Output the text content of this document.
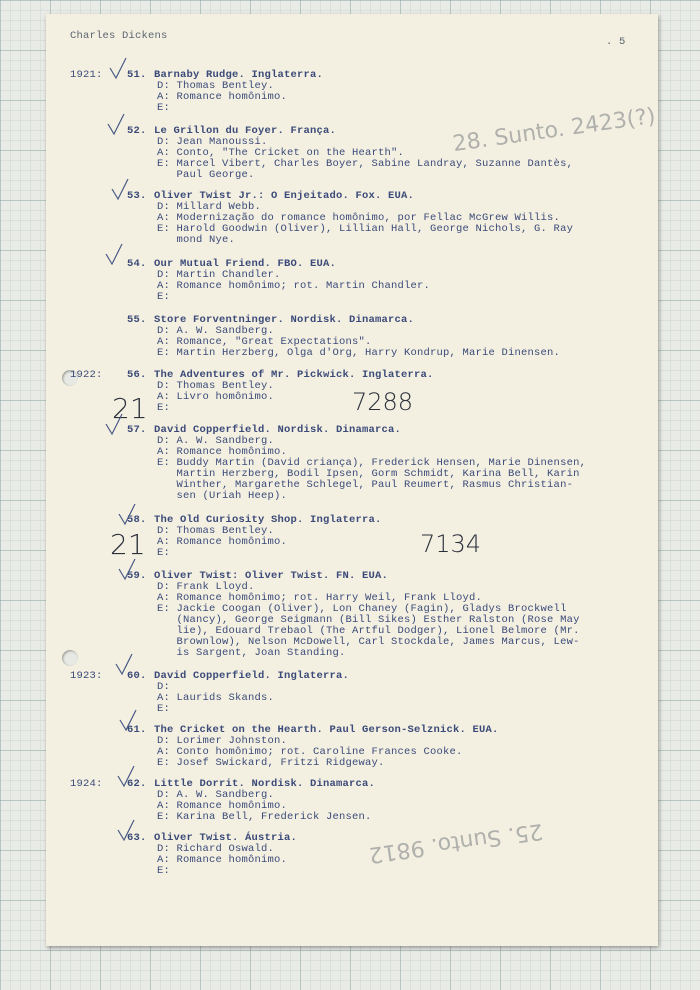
Charles Dickens	. 5
1921: 51. Barnaby Rudge. Inglaterra.
D: Thomas Bentley.
A: Romance homônimo.
E:
52. Le Grillon du Foyer. França.
D: Jean Manoussi.
A: Conto, "The Cricket on the Hearth".
E: Marcel Vibert, Charles Boyer, Sabine Landray, Suzanne Dantès,
Paul George.
53. Oliver Twist Jr.: O Enjeitado. Fox. EUA.
D: Millard Webb.
A: Modernização do romance homônimo, por Fellac McGrew Willis.
E: Harold Goodwin (Oliver), Lillian Hall, George Nichols, G. Ray
mond Nye.
54. Our Mutual Friend. FBO. EUA.
D: Martin Chandler.
A: Romance homônimo; rot. Martin Chandler.
E:
55. Store Forventninger. Nordisk. Dinamarca.
D: A. W. Sandberg.
A: Romance, "Great Expectations".
E: Martin Herzberg, Olga d'Org, Harry Kondrup, Marie Dinensen.
1922: 56. The Adventures of Mr. Pickwick. Inglaterra.
D: Thomas Bentley.
A: Livro homônimo.
E:
57. David Copperfield. Nordisk. Dinamarca.
D: A. W. Sandberg.
A: Romance homônimo.
E: Buddy Martin (David criança), Frederick Hensen, Marie Dinensen,
Martin Herzberg, Bodil Ipsen, Gorm Schmidt, Karina Bell, Karin
Winther, Margarethe Schlegel, Paul Reumert, Rasmus Christian-
sen (Uriah Heep).
58. The Old Curiosity Shop. Inglaterra.
D: Thomas Bentley.
A: Romance homônimo.
E:
59. Oliver Twist: Oliver Twist. FN. EUA.
D: Frank Lloyd.
A: Romance homônimo; rot. Harry Weil, Frank Lloyd.
E: Jackie Coogan (Oliver), Lon Chaney (Fagin), Gladys Brockwell
(Nancy), George Seigmann (Bill Sikes) Esther Ralston (Rose May
lie), Edouard Trebaol (The Artful Dodger), Lionel Belmore (Mr.
Brownlow), Nelson McDowell, Carl Stockdale, James Marcus, Lew-
is Sargent, Joan Standing.
1923: 60. David Copperfield. Inglaterra.
D:
A: Laurids Skands.
E:
61. The Cricket on the Hearth. Paul Gerson-Selznick. EUA.
D: Lorimer Johnston.
A: Conto homônimo; rot. Caroline Frances Cooke.
E: Josef Swickard, Fritzi Ridgeway.
1924: 62. Little Dorrit. Nordisk. Dinamarca.
D: A. W. Sandberg.
A: Romance homônimo.
E: Karina Bell, Frederick Jensen.
63. Oliver Twist. Áustria.
D: Richard Oswald.
A: Romance homônimo.
E:
28. Sunto. 2423(?)
25. Sunto. 9812
21	7288
21	7134
